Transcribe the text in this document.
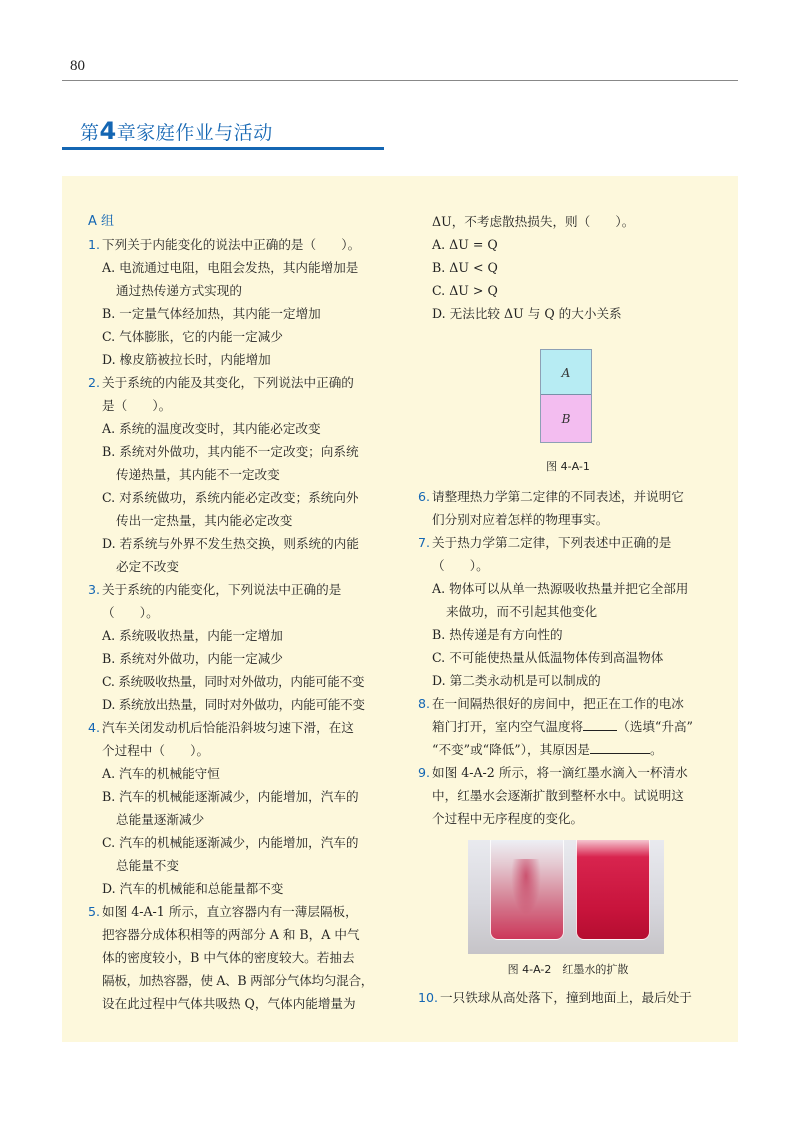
80
第4章家庭作业与活动
A 组
1. 下列关于内能变化的说法中正确的是（　　）。
A. 电流通过电阻，电阻会发热，其内能增加是
通过热传递方式实现的
B. 一定量气体经加热，其内能一定增加
C. 气体膨胀，它的内能一定减少
D. 橡皮筋被拉长时，内能增加
2. 关于系统的内能及其变化，下列说法中正确的
是（　　）。
A. 系统的温度改变时，其内能必定改变
B. 系统对外做功，其内能不一定改变；向系统
传递热量，其内能不一定改变
C. 对系统做功，系统内能必定改变；系统向外
传出一定热量，其内能必定改变
D. 若系统与外界不发生热交换，则系统的内能
必定不改变
3. 关于系统的内能变化，下列说法中正确的是
（　　）。
A. 系统吸收热量，内能一定增加
B. 系统对外做功，内能一定减少
C. 系统吸收热量，同时对外做功，内能可能不变
D. 系统放出热量，同时对外做功，内能可能不变
4. 汽车关闭发动机后恰能沿斜坡匀速下滑，在这
个过程中（　　）。
A. 汽车的机械能守恒
B. 汽车的机械能逐渐减少，内能增加，汽车的
总能量逐渐减少
C. 汽车的机械能逐渐减少，内能增加，汽车的
总能量不变
D. 汽车的机械能和总能量都不变
5. 如图 4-A-1 所示，直立容器内有一薄层隔板，
把容器分成体积相等的两部分 A 和 B，A 中气
体的密度较小，B 中气体的密度较大。若抽去
隔板，加热容器，使 A、B 两部分气体均匀混合，
设在此过程中气体共吸热 Q，气体内能增量为
ΔU，不考虑散热损失，则（　　）。
A. ΔU = Q
B. ΔU < Q
C. ΔU > Q
D. 无法比较 ΔU 与 Q 的大小关系
A
B
图 4-A-1
6. 请整理热力学第二定律的不同表述，并说明它
们分别对应着怎样的物理事实。
7. 关于热力学第二定律，下列表述中正确的是
（　　）。
A. 物体可以从单一热源吸收热量并把它全部用
来做功，而不引起其他变化
B. 热传递是有方向性的
C. 不可能使热量从低温物体传到高温物体
D. 第二类永动机是可以制成的
8. 在一间隔热很好的房间中，把正在工作的电冰
箱门打开，室内空气温度将	（选填“升高”
“不变”或“降低”），其原因是	。
9. 如图 4-A-2 所示，将一滴红墨水滴入一杯清水
中，红墨水会逐渐扩散到整杯水中。试说明这
个过程中无序程度的变化。
图 4-A-2　红墨水的扩散
10. 一只铁球从高处落下，撞到地面上，最后处于
